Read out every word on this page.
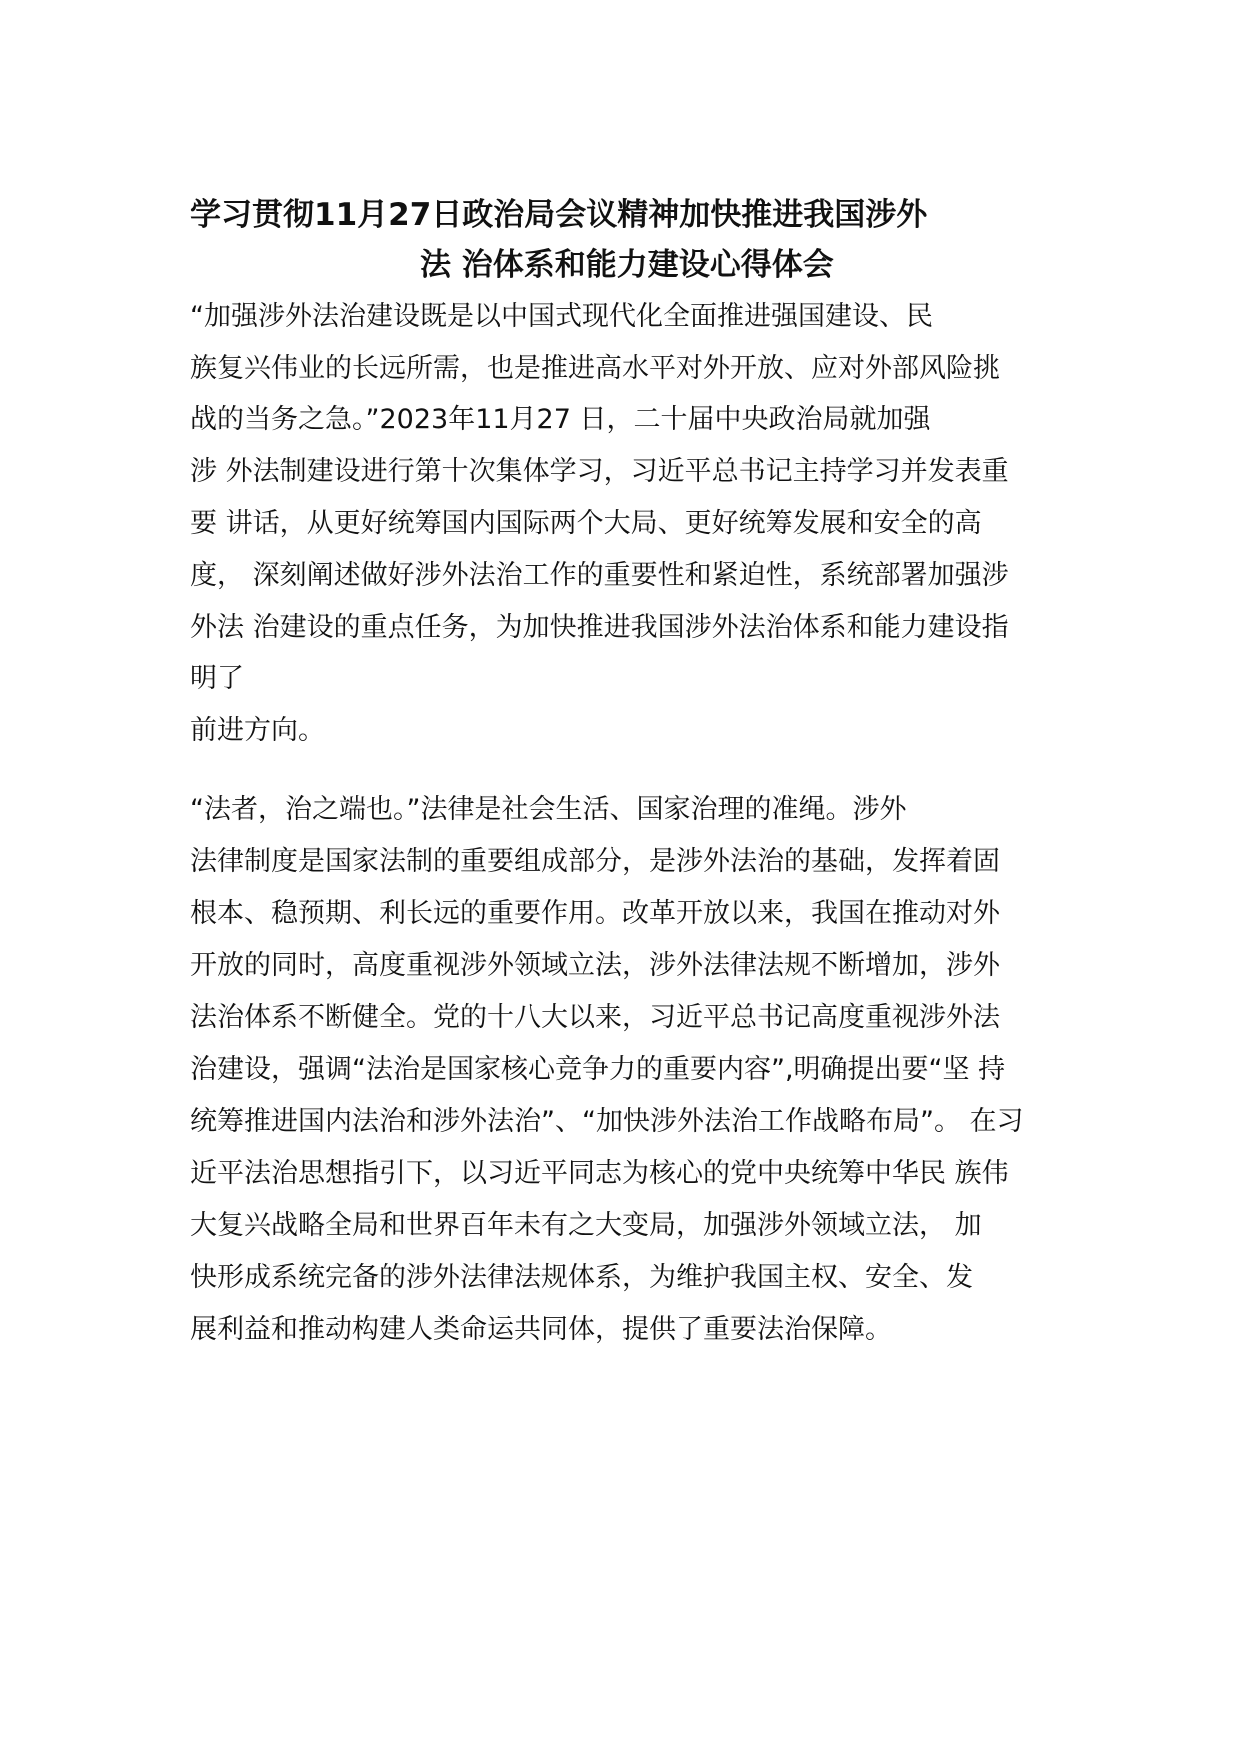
学习贯彻11月27日政治局会议精神加快推进我国涉外
法 治体系和能力建设心得体会
“加强涉外法治建设既是以中国式现代化全面推进强国建设、民
族复兴伟业的长远所需，也是推进高水平对外开放、应对外部风险挑
战的当务之急。”2023年11月27 日，二十届中央政治局就加强
涉 外法制建设进行第十次集体学习，习近平总书记主持学习并发表重
要 讲话，从更好统筹国内国际两个大局、更好统筹发展和安全的高
度， 深刻阐述做好涉外法治工作的重要性和紧迫性，系统部署加强涉
外法 治建设的重点任务，为加快推进我国涉外法治体系和能力建设指
明了
前进方向。
“法者，治之端也。”法律是社会生活、国家治理的准绳。涉外
法律制度是国家法制的重要组成部分，是涉外法治的基础，发挥着固
根本、稳预期、利长远的重要作用。改革开放以来，我国在推动对外
开放的同时，高度重视涉外领域立法，涉外法律法规不断增加，涉外
法治体系不断健全。党的十八大以来，习近平总书记高度重视涉外法
治建设，强调“法治是国家核心竞争力的重要内容”,明确提出要“坚 持
统筹推进国内法治和涉外法治”、“加快涉外法治工作战略布局”。 在习
近平法治思想指引下，以习近平同志为核心的党中央统筹中华民 族伟
大复兴战略全局和世界百年未有之大变局，加强涉外领域立法， 加
快形成系统完备的涉外法律法规体系，为维护我国主权、安全、发
展利益和推动构建人类命运共同体，提供了重要法治保障。
